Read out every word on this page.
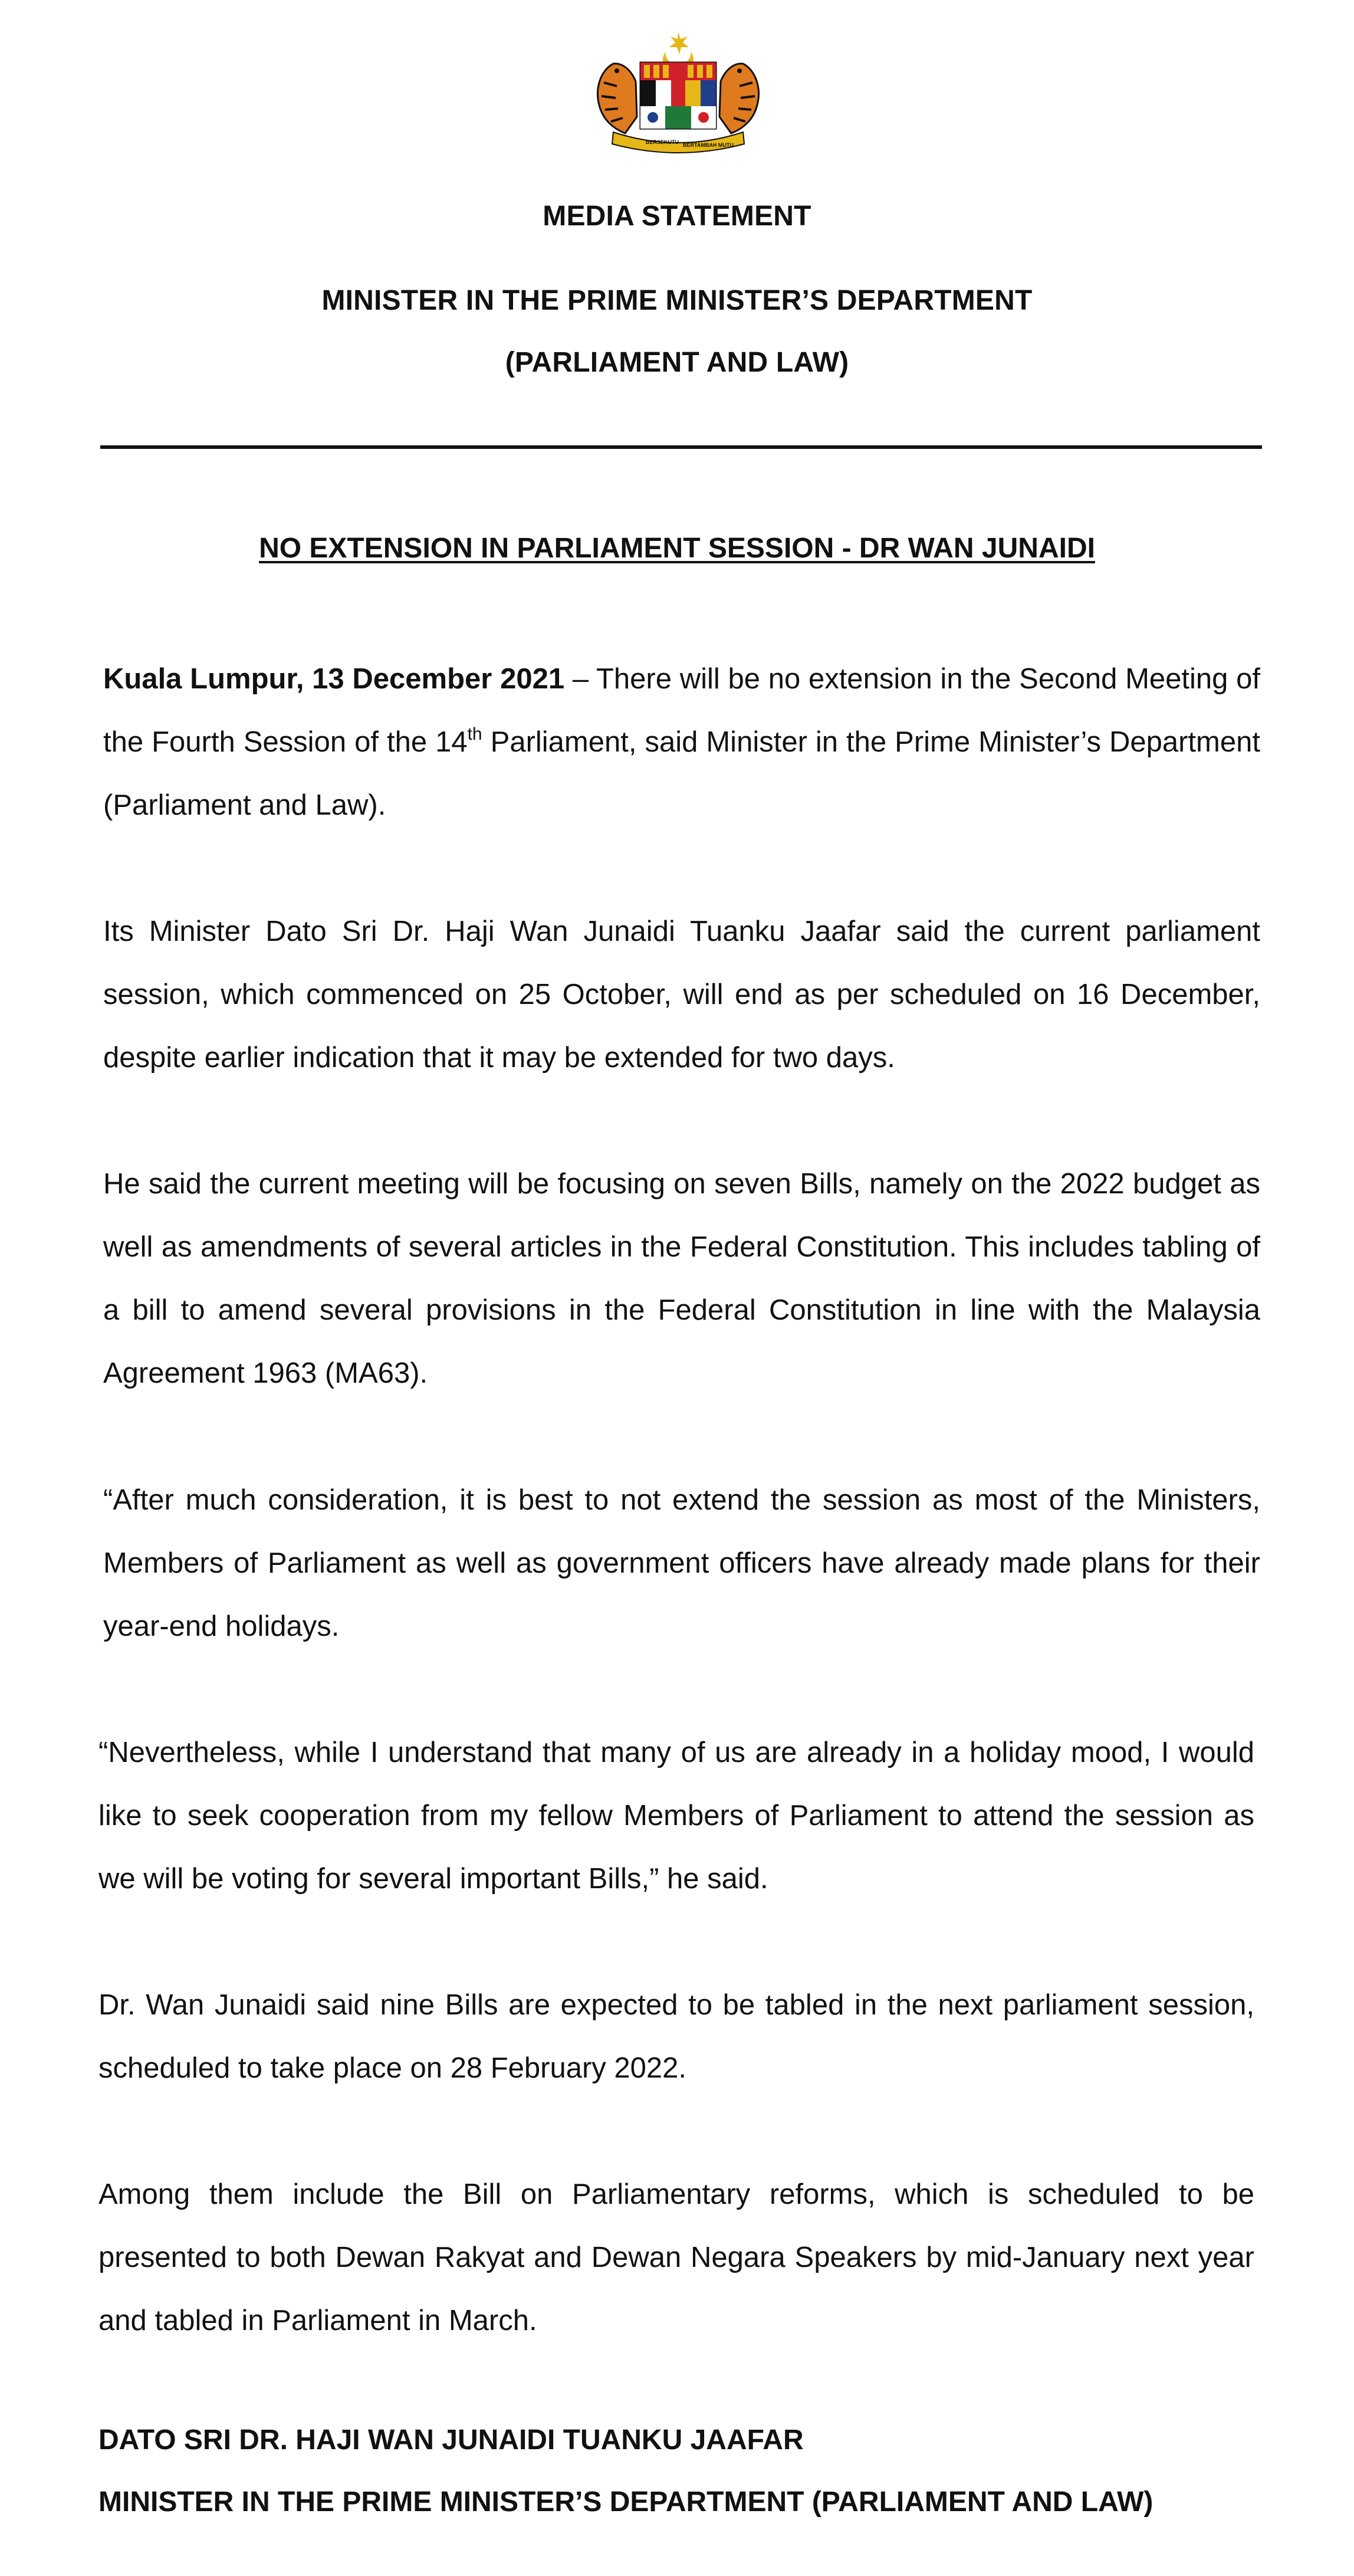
BERSEKUTU BERTAMBAH MUTU
MEDIA STATEMENT
MINISTER IN THE PRIME MINISTER’S DEPARTMENT
(PARLIAMENT AND LAW)
NO EXTENSION IN PARLIAMENT SESSION - DR WAN JUNAIDI
Kuala Lumpur, 13 December 2021 – There will be no extension in the Second Meeting of the Fourth Session of the 14th Parliament, said Minister in the Prime Minister’s Department (Parliament and Law).
Its Minister Dato Sri Dr. Haji Wan Junaidi Tuanku Jaafar said the current parliament session, which commenced on 25 October, will end as per scheduled on 16 December, despite earlier indication that it may be extended for two days.
He said the current meeting will be focusing on seven Bills, namely on the 2022 budget as well as amendments of several articles in the Federal Constitution. This includes tabling of a bill to amend several provisions in the Federal Constitution in line with the Malaysia Agreement 1963 (MA63).
“After much consideration, it is best to not extend the session as most of the Ministers, Members of Parliament as well as government officers have already made plans for their year-end holidays.
“Nevertheless, while I understand that many of us are already in a holiday mood, I would like to seek cooperation from my fellow Members of Parliament to attend the session as we will be voting for several important Bills,” he said.
Dr. Wan Junaidi said nine Bills are expected to be tabled in the next parliament session, scheduled to take place on 28 February 2022.
Among them include the Bill on Parliamentary reforms, which is scheduled to be presented to both Dewan Rakyat and Dewan Negara Speakers by mid-January next year and tabled in Parliament in March.
DATO SRI DR. HAJI WAN JUNAIDI TUANKU JAAFAR
MINISTER IN THE PRIME MINISTER’S DEPARTMENT (PARLIAMENT AND LAW)
